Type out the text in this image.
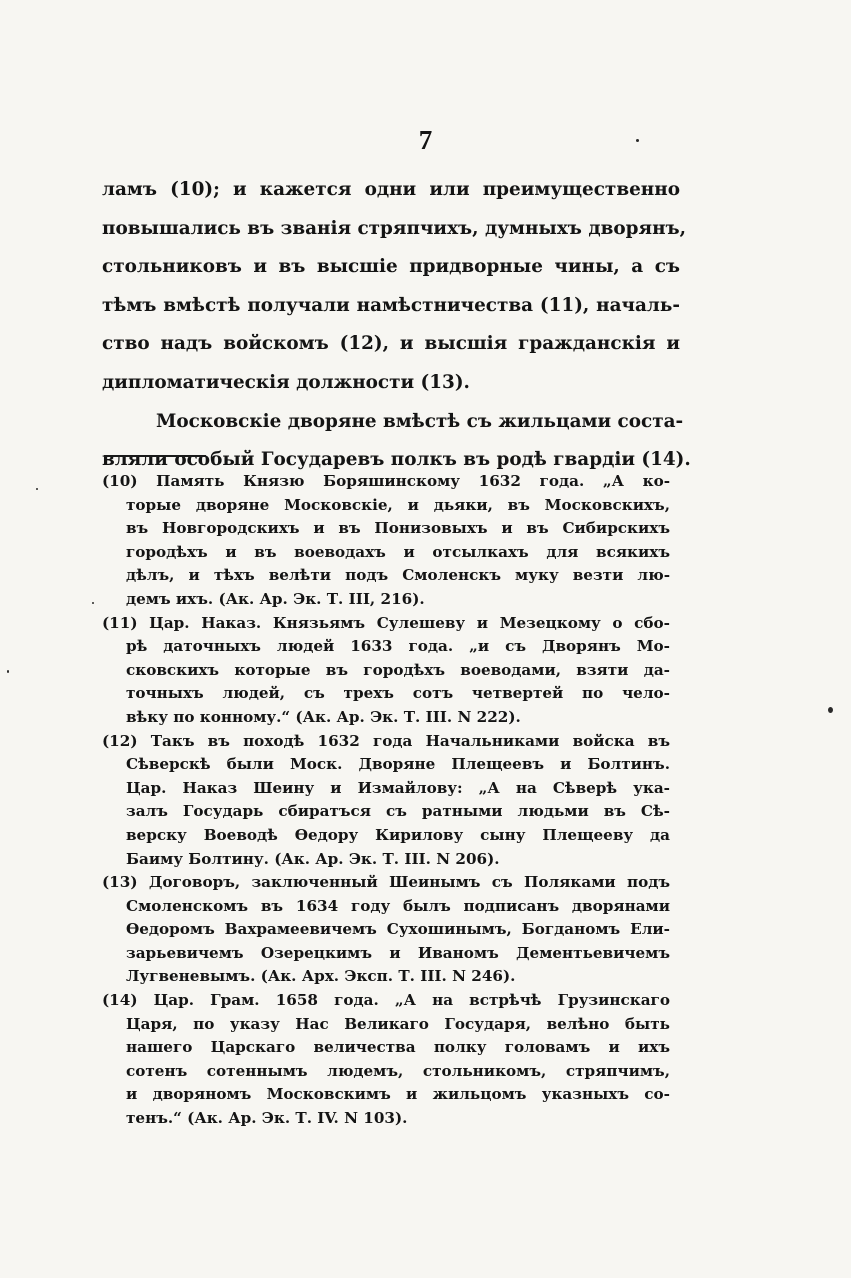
7
ламъ (10); и кажется одни или преимущественно
повышались въ званія стряпчихъ, думныхъ дворянъ,
стольниковъ и въ высшіе придворные чины, а съ
тѣмъ вмѣстѣ получали намѣстничества (11), началь-
ство надъ войскомъ (12), и высшія гражданскія и
дипломатическія должности (13).
Московскіе дворяне вмѣстѣ съ жильцами соста-
вляли особый Государевъ полкъ въ родѣ гвардіи (14).
(10) Память Князю Боряшинскому 1632 года. „А ко-
торые дворяне Московскіе, и дьяки, въ Московскихъ,
въ Новгородскихъ и въ Понизовыхъ и въ Сибирскихъ
городѣхъ и въ воеводахъ и отсылкахъ для всякихъ
дѣлъ, и тѣхъ велѣти подъ Смоленскъ муку везти лю-
демъ ихъ. (Ак. Ар. Эк. Т. III, 216).
(11) Цар. Наказ. Князьямъ Сулешеву и Мезецкому о сбо-
рѣ даточныхъ людей 1633 года. „и съ Дворянъ Мо-
сковскихъ которые въ городѣхъ воеводами, взяти да-
точныхъ людей, съ трехъ сотъ четвертей по чело-
вѣку по конному.“ (Ак. Ар. Эк. Т. III. N 222).
(12) Такъ въ походѣ 1632 года Начальниками войска въ
Сѣверскѣ были Моск. Дворяне Плещеевъ и Болтинъ.
Цар. Наказ Шеину и Измайлову: „А на Сѣверѣ ука-
залъ Государь сбиратъся съ ратными людьми въ Сѣ-
верску Воеводѣ Өедору Кирилову сыну Плещееву да
Баиму Болтину. (Ак. Ар. Эк. Т. III. N 206).
(13) Договоръ, заключенный Шеинымъ съ Поляками подъ
Смоленскомъ въ 1634 году былъ подписанъ дворянами
Өедоромъ Вахрамеевичемъ Сухошинымъ, Богданомъ Ели-
зарьевичемъ Озерецкимъ и Иваномъ Дементьевичемъ
Лугвеневымъ. (Ак. Арх. Эксп. Т. III. N 246).
(14) Цар. Грам. 1658 года. „А на встрѣчѣ Грузинскаго
Царя, по указу Нас Великаго Государя, велѣно быть
нашего Царскаго величества полку головамъ и ихъ
сотенъ сотеннымъ людемъ, стольникомъ, стряпчимъ,
и дворяномъ Московскимъ и жильцомъ указныхъ со-
тенъ.“ (Ак. Ар. Эк. Т. IV. N 103).
